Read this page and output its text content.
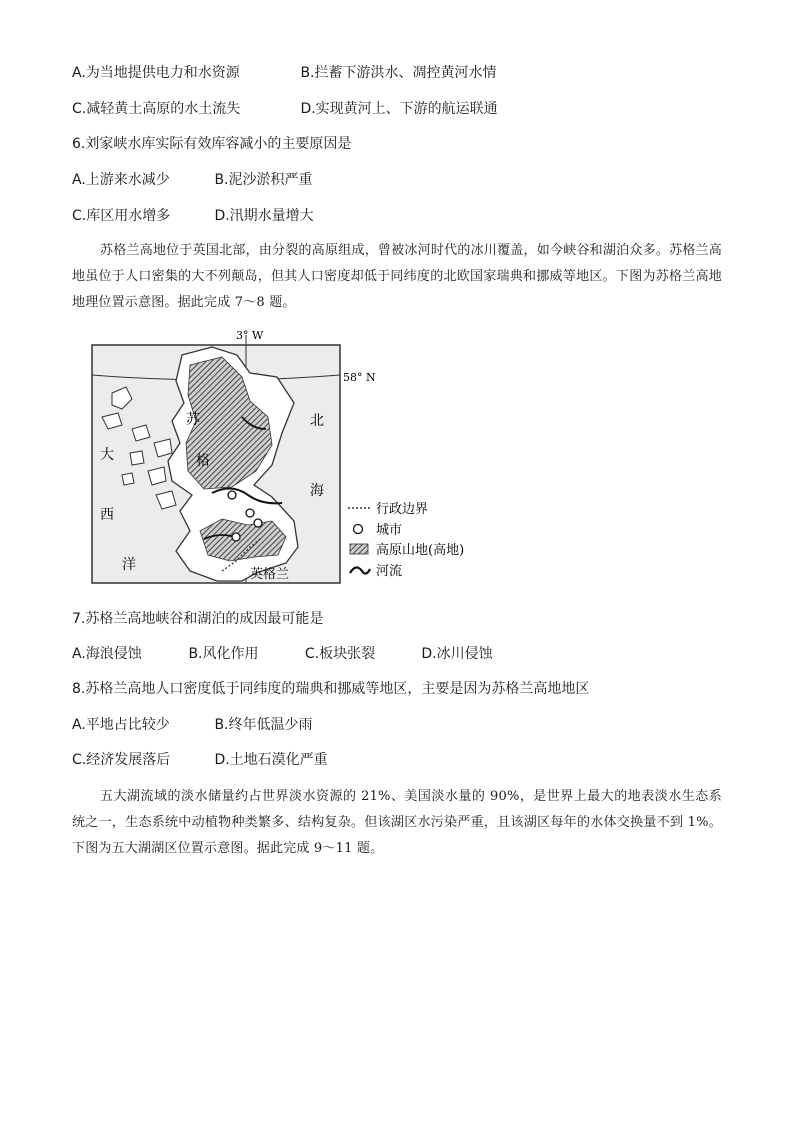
A.为当地提供电力和水资源	B.拦蓄下游洪水、凋控黄河水情
C.减轻黄土高原的水土流失	D.实现黄河上、下游的航运联通
6.刘家峡水库实际有效库容减小的主要原因是
A.上游来水减少	B.泥沙淤积严重
C.库区用水增多	D.汛期水量增大
苏格兰高地位于英国北部，由分裂的高原组成，曾被冰河时代的冰川覆盖，如今峡谷和湖泊众多。苏格兰高地虽位于人口密集的大不列颠岛，但其人口密度却低于同纬度的北欧国家瑞典和挪威等地区。下图为苏格兰高地地理位置示意图。据此完成 7～8 题。
3° W
58° N
苏
格
北
海
大
西
洋
英格兰
行政边界
城市
高原山地(高地)
河流
7.苏格兰高地峡谷和湖泊的成因最可能是
A.海浪侵蚀	B.风化作用	C.板块张裂	D.冰川侵蚀
8.苏格兰高地人口密度低于同纬度的瑞典和挪威等地区，主要是因为苏格兰高地地区
A.平地占比较少	B.终年低温少雨
C.经济发展落后	D.土地石漠化严重
五大湖流域的淡水储量约占世界淡水资源的 21%、美国淡水量的 90%，是世界上最大的地表淡水生态系统之一，生态系统中动植物种类繁多、结构复杂。但该湖区水污染严重，且该湖区每年的水体交换量不到 1%。下图为五大湖湖区位置示意图。据此完成 9～11 题。
